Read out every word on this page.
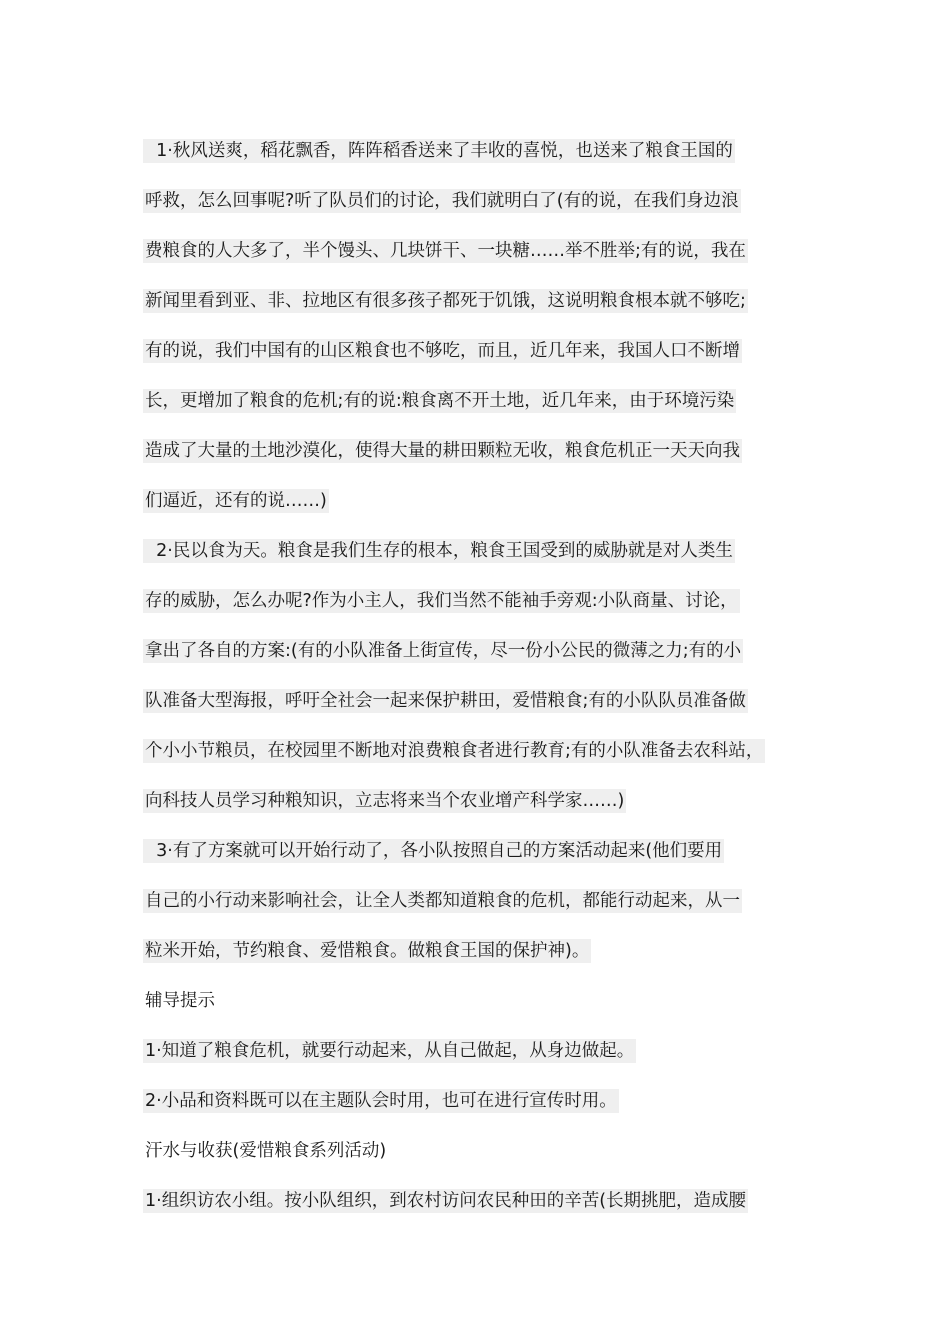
1·秋风送爽，稻花飘香，阵阵稻香送来了丰收的喜悦，也送来了粮食王国的
呼救，怎么回事呢?听了队员们的讨论，我们就明白了(有的说，在我们身边浪
费粮食的人大多了，半个馒头、几块饼干、一块糖……举不胜举;有的说，我在
新闻里看到亚、非、拉地区有很多孩子都死于饥饿，这说明粮食根本就不够吃;
有的说，我们中国有的山区粮食也不够吃，而且，近几年来，我国人口不断增
长，更增加了粮食的危机;有的说:粮食离不开土地，近几年来，由于环境污染
造成了大量的土地沙漠化，使得大量的耕田颗粒无收，粮食危机正一天天向我
们逼近，还有的说……)
2·民以食为天。粮食是我们生存的根本，粮食王国受到的威胁就是对人类生
存的威胁，怎么办呢?作为小主人，我们当然不能袖手旁观:小队商量、讨论，
拿出了各自的方案:(有的小队准备上街宣传，尽一份小公民的微薄之力;有的小
队准备大型海报，呼吁全社会一起来保护耕田，爱惜粮食;有的小队队员准备做
个小小节粮员，在校园里不断地对浪费粮食者进行教育;有的小队准备去农科站，
向科技人员学习种粮知识，立志将来当个农业增产科学家……)
3·有了方案就可以开始行动了，各小队按照自己的方案活动起来(他们要用
自己的小行动来影响社会，让全人类都知道粮食的危机，都能行动起来，从一
粒米开始，节约粮食、爱惜粮食。做粮食王国的保护神)。
辅导提示
1·知道了粮食危机，就要行动起来，从自己做起，从身边做起。
2·小品和资料既可以在主题队会时用，也可在进行宣传时用。
汗水与收获(爱惜粮食系列活动)
1·组织访农小组。按小队组织，到农村访问农民种田的辛苦(长期挑肥，造成腰
